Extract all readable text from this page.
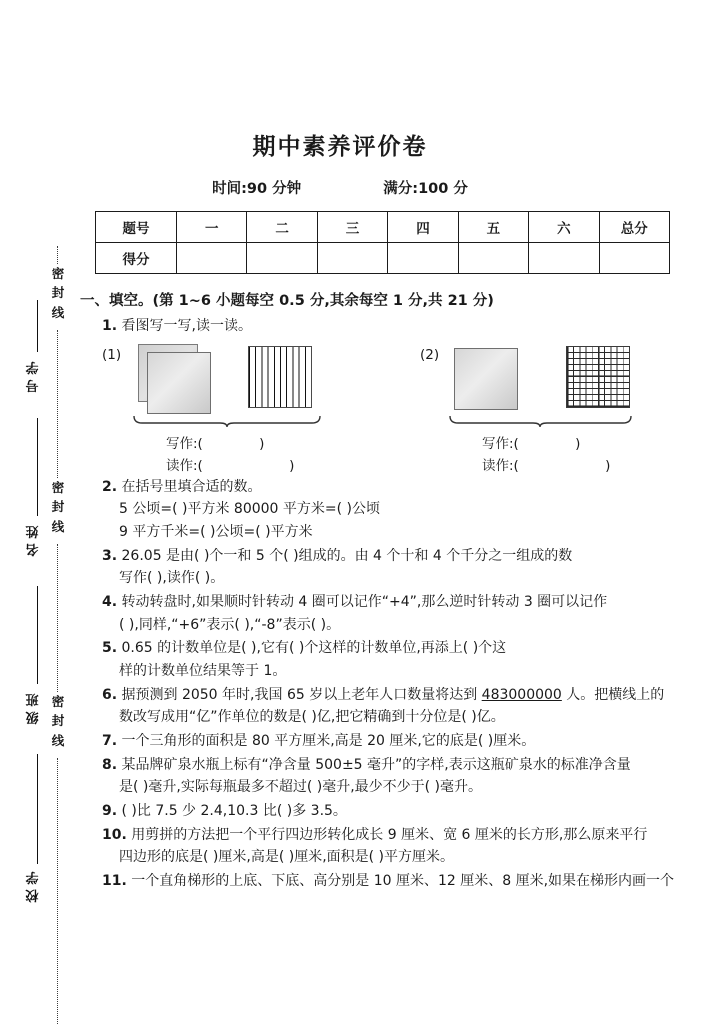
密
封
线
密
封
线
密
封
线
号
学
名
姓
级
班
校
学
期中素养评价卷
时间:90 分钟	满分:100 分
题号	一	二	三	四	五	六	总分
得分							
一、填空。(第 1~6 小题每空 0.5 分,其余每空 1 分,共 21 分)
1. 看图写一写,读一读。
(1)
写作:(	)
读作:(	)
(2)
写作:(	)
读作:(	)
2. 在括号里填合适的数。
5 公顷=( )平方米 80000 平方米=( )公顷
9 平方千米=( )公顷=( )平方米
3. 26.05 是由( )个一和 5 个( )组成的。由 4 个十和 4 个千分之一组成的数
写作( ),读作( )。
4. 转动转盘时,如果顺时针转动 4 圈可以记作“+4”,那么逆时针转动 3 圈可以记作
( ),同样,“+6”表示( ),“-8”表示( )。
5. 0.65 的计数单位是( ),它有( )个这样的计数单位,再添上( )个这
样的计数单位结果等于 1。
6. 据预测到 2050 年时,我国 65 岁以上老年人口数量将达到 483000000 人。把横线上的
数改写成用“亿”作单位的数是( )亿,把它精确到十分位是( )亿。
7. 一个三角形的面积是 80 平方厘米,高是 20 厘米,它的底是( )厘米。
8. 某品牌矿泉水瓶上标有“净含量 500±5 毫升”的字样,表示这瓶矿泉水的标准净含量
是( )毫升,实际每瓶最多不超过( )毫升,最少不少于( )毫升。
9. ( )比 7.5 少 2.4,10.3 比( )多 3.5。
10. 用剪拼的方法把一个平行四边形转化成长 9 厘米、宽 6 厘米的长方形,那么原来平行
四边形的底是( )厘米,高是( )厘米,面积是( )平方厘米。
11. 一个直角梯形的上底、下底、高分别是 10 厘米、12 厘米、8 厘米,如果在梯形内画一个
